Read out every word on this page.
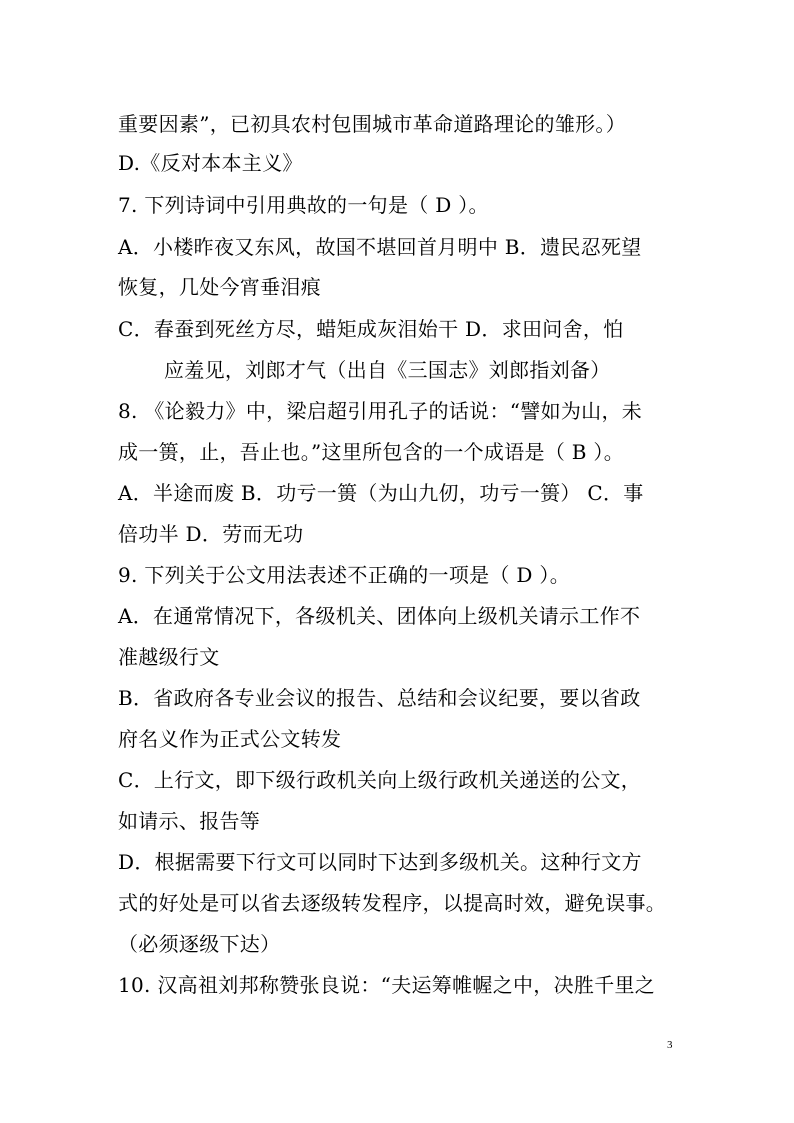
重要因素”，已初具农村包围城市革命道路理论的雏形。）
D.《反对本本主义》
7. 下列诗词中引用典故的一句是（ D ）。
A．小楼昨夜又东风，故国不堪回首月明中 B．遗民忍死望
恢复，几处今宵垂泪痕
C．春蚕到死丝方尽，蜡矩成灰泪始干 D．求田问舍，怕
应羞见，刘郎才气（出自《三国志》刘郎指刘备）
8. 《论毅力》中，梁启超引用孔子的话说：“譬如为山，未
成一篑，止，吾止也。”这里所包含的一个成语是（ B ）。
A．半途而废 B．功亏一篑（为山九仞，功亏一篑） C．事
倍功半 D．劳而无功
9. 下列关于公文用法表述不正确的一项是（ D ）。
A．在通常情况下，各级机关、团体向上级机关请示工作不
准越级行文
B．省政府各专业会议的报告、总结和会议纪要，要以省政
府名义作为正式公文转发
C．上行文，即下级行政机关向上级行政机关递送的公文，
如请示、报告等
D．根据需要下行文可以同时下达到多级机关。这种行文方
式的好处是可以省去逐级转发程序，以提高时效，避免误事。
（必须逐级下达）
10. 汉高祖刘邦称赞张良说：“夫运筹帷幄之中，决胜千里之
3
